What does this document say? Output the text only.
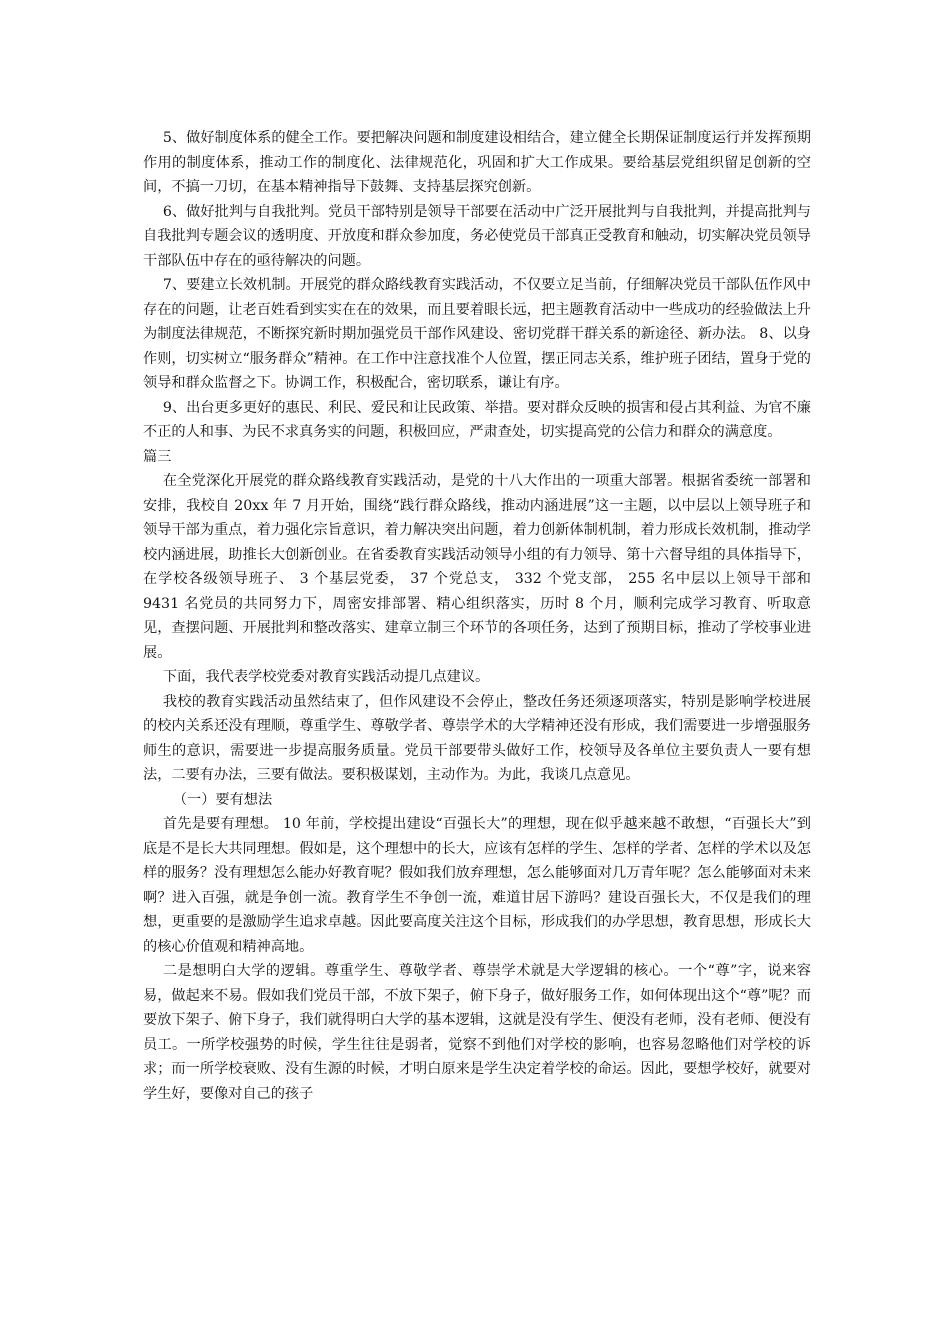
5、做好制度体系的健全工作。要把解决问题和制度建设相结合，建立健全长期保证制度运行并发挥预期作用的制度体系，推动工作的制度化、法律规范化，巩固和扩大工作成果。要给基层党组织留足创新的空间，不搞一刀切，在基本精神指导下鼓舞、支持基层探究创新。

6、做好批判与自我批判。党员干部特别是领导干部要在活动中广泛开展批判与自我批判，并提高批判与自我批判专题会议的透明度、开放度和群众参加度，务必使党员干部真正受教育和触动，切实解决党员领导干部队伍中存在的亟待解决的问题。

7、要建立长效机制。开展党的群众路线教育实践活动，不仅要立足当前，仔细解决党员干部队伍作风中存在的问题，让老百姓看到实实在在的效果，而且要着眼长远，把主题教育活动中一些成功的经验做法上升为制度法律规范，不断探究新时期加强党员干部作风建设、密切党群干群关系的新途径、新办法。 8、以身作则，切实树立“服务群众”精神。在工作中注意找准个人位置，摆正同志关系，维护班子团结，置身于党的领导和群众监督之下。协调工作，积极配合，密切联系，谦让有序。

9、出台更多更好的惠民、利民、爱民和让民政策、举措。要对群众反映的损害和侵占其利益、为官不廉不正的人和事、为民不求真务实的问题，积极回应，严肃查处，切实提高党的公信力和群众的满意度。

篇三

在全党深化开展党的群众路线教育实践活动，是党的十八大作出的一项重大部署。根据省委统一部署和安排，我校自 20xx 年 7 月开始，围绕“践行群众路线，推动内涵进展”这一主题，以中层以上领导班子和领导干部为重点，着力强化宗旨意识，着力解决突出问题，着力创新体制机制，着力形成长效机制，推动学校内涵进展，助推长大创新创业。在省委教育实践活动领导小组的有力领导、第十六督导组的具体指导下，在学校各级领导班子、 3 个基层党委， 37 个党总支， 332 个党支部， 255 名中层以上领导干部和 9431 名党员的共同努力下，周密安排部署、精心组织落实，历时 8 个月，顺利完成学习教育、听取意见，查摆问题、开展批判和整改落实、建章立制三个环节的各项任务，达到了预期目标，推动了学校事业进展。

下面，我代表学校党委对教育实践活动提几点建议。

我校的教育实践活动虽然结束了，但作风建设不会停止，整改任务还须逐项落实，特别是影响学校进展的校内关系还没有理顺，尊重学生、尊敬学者、尊崇学术的大学精神还没有形成，我们需要进一步增强服务师生的意识，需要进一步提高服务质量。党员干部要带头做好工作，校领导及各单位主要负责人一要有想法，二要有办法，三要有做法。要积极谋划，主动作为。为此，我谈几点意见。

（一）要有想法

首先是要有理想。 10 年前，学校提出建设“百强长大”的理想，现在似乎越来越不敢想，“百强长大”到底是不是长大共同理想。假如是，这个理想中的长大，应该有怎样的学生、怎样的学者、怎样的学术以及怎样的服务？没有理想怎么能办好教育呢？假如我们放弃理想，怎么能够面对几万青年呢？怎么能够面对未来啊？进入百强，就是争创一流。教育学生不争创一流，难道甘居下游吗？建设百强长大，不仅是我们的理想，更重要的是激励学生追求卓越。因此要高度关注这个目标，形成我们的办学思想，教育思想，形成长大的核心价值观和精神高地。

二是想明白大学的逻辑。尊重学生、尊敬学者、尊崇学术就是大学逻辑的核心。一个“尊”字，说来容易，做起来不易。假如我们党员干部，不放下架子，俯下身子，做好服务工作，如何体现出这个“尊”呢？而要放下架子、俯下身子，我们就得明白大学的基本逻辑，这就是没有学生、便没有老师，没有老师、便没有员工。一所学校强势的时候，学生往往是弱者，觉察不到他们对学校的影响，也容易忽略他们对学校的诉求；而一所学校衰败、没有生源的时候，才明白原来是学生决定着学校的命运。因此，要想学校好，就要对学生好，要像对自己的孩子
